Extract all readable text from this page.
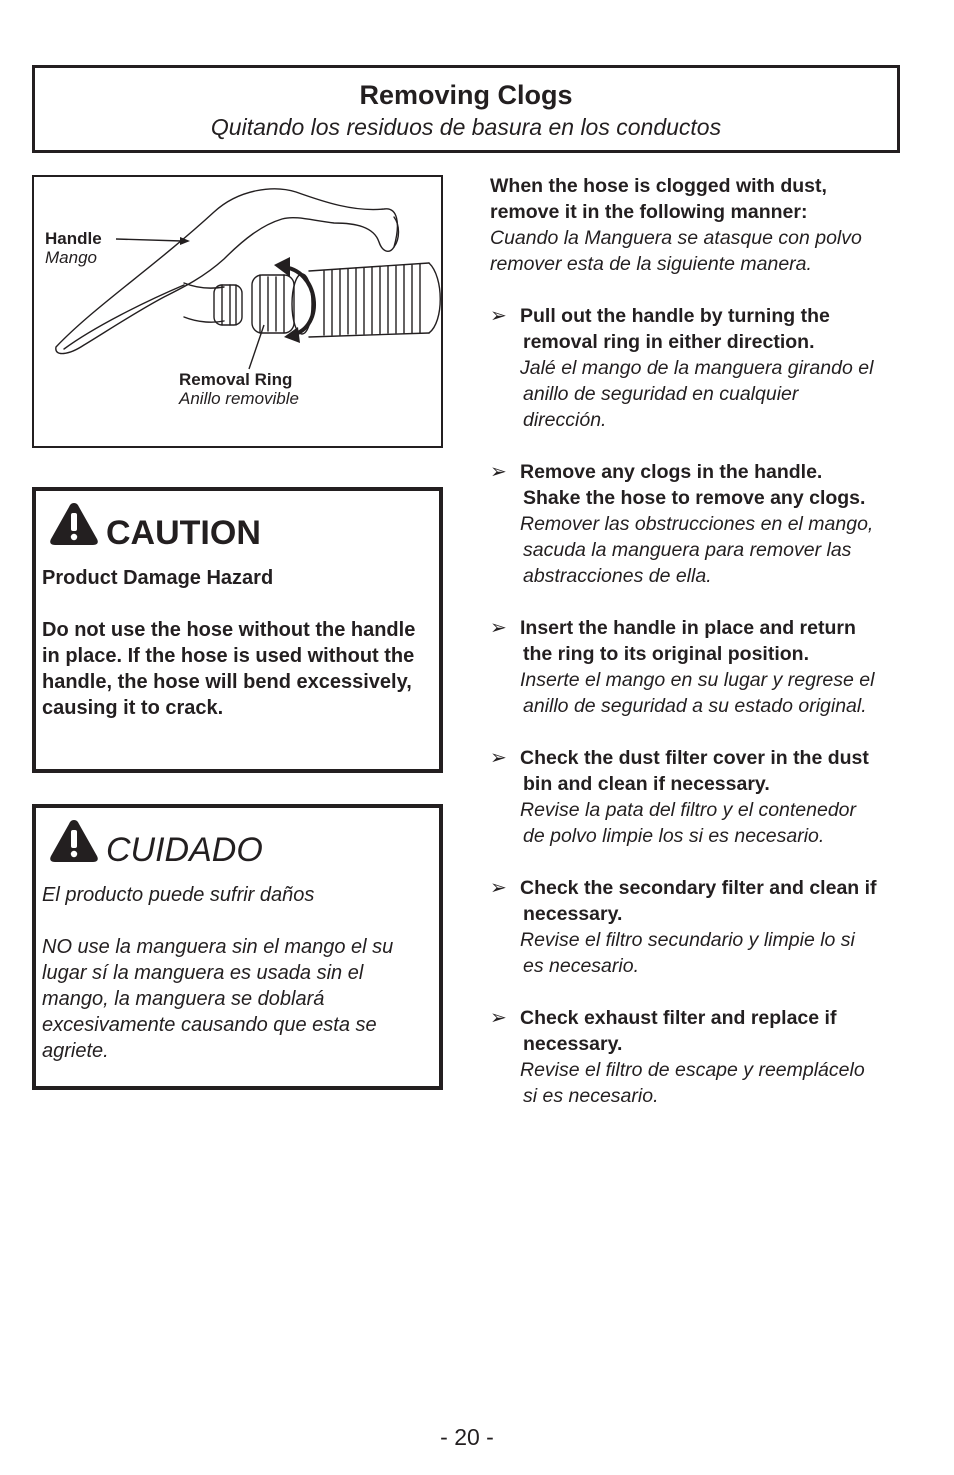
Removing Clogs
Quitando los residuos de basura en los conductos
Handle
Mango
Removal Ring
Anillo removible
CAUTION

Product Damage Hazard

Do not use the hose without the handle in place. If the hose is used without the handle, the hose will bend excessively, causing it to crack.

CUIDADO

El producto puede sufrir daños

NO use la manguera sin el mango el su lugar sí la manguera es usada sin el mango, la manguera se doblará excesivamente causando que esta se agriete.

When the hose is clogged with dust, remove it in the following manner:
Cuando la Manguera se atasque con polvo remover esta de la siguiente manera.
➢ Pull out the handle by turning the
removal ring in either direction.
Jalé el mango de la manguera girando el
anillo de seguridad en cualquier
dirección.
➢ Remove any clogs in the handle.
Shake the hose to remove any clogs.
Remover las obstrucciones en el mango,
sacuda la manguera para remover las
abstracciones de ella.
➢ Insert the handle in place and return
the ring to its original position.
Inserte el mango en su lugar y regrese el
anillo de seguridad a su estado original.
➢ Check the dust filter cover in the dust
bin and clean if necessary.
Revise la pata del filtro y el contenedor
de polvo limpie los si es necesario.
➢ Check the secondary filter and clean if
necessary.
Revise el filtro secundario y limpie lo si
es necesario.
➢ Check exhaust filter and replace if
necessary.
Revise el filtro de escape y reemplácelo
si es necesario.
- 20 -
